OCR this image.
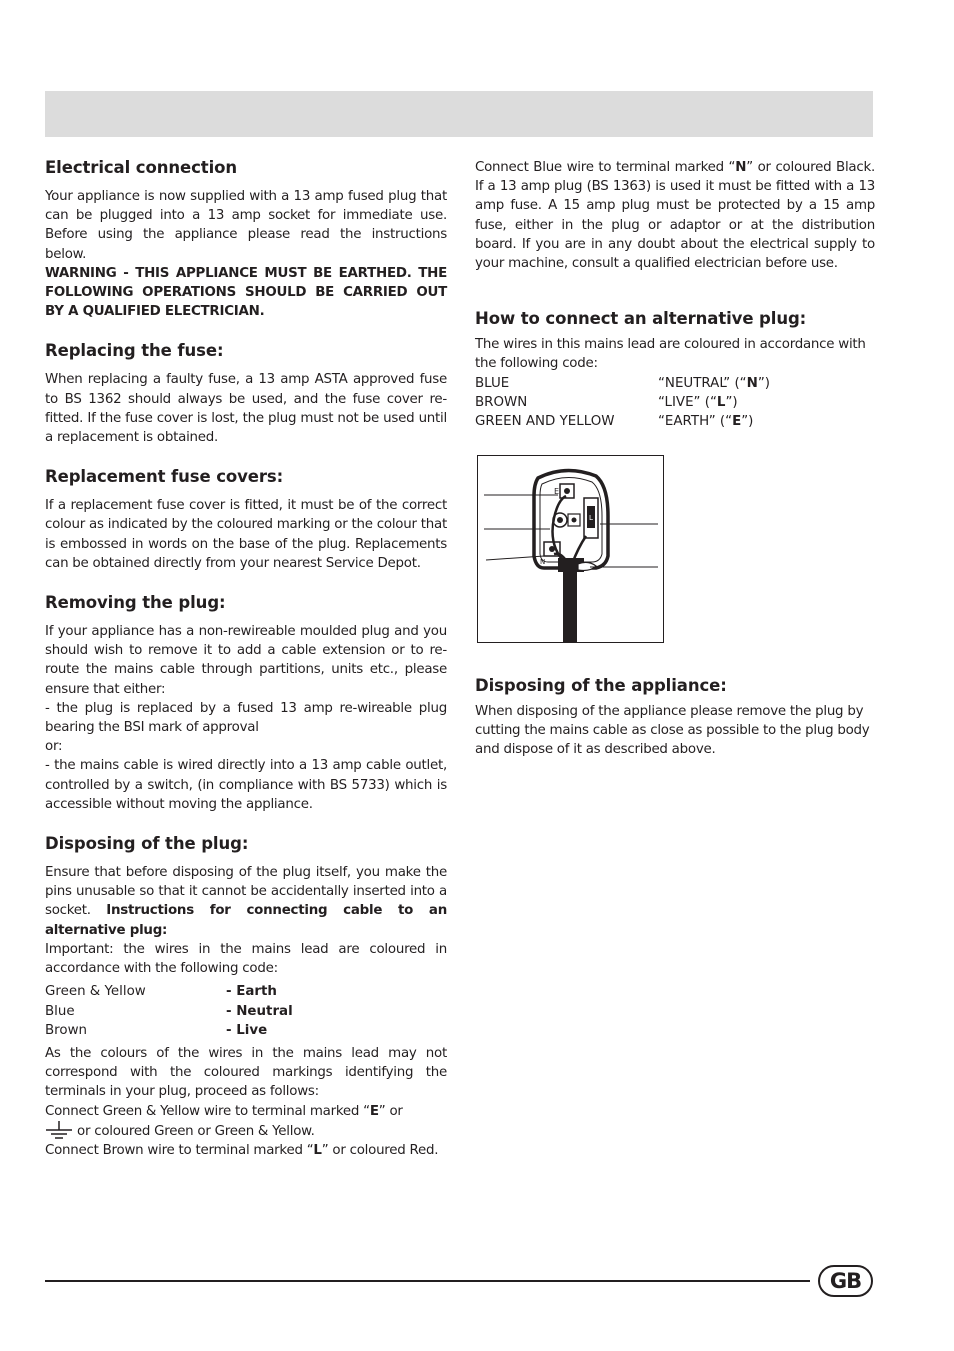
Electrical connection

Your appliance is now supplied with a 13 amp fused plug that can be plugged into a 13 amp socket for immediate use. Before using the appliance please read the instructions below.

WARNING - THIS APPLIANCE MUST BE EARTHED. THE FOLLOWING OPERATIONS SHOULD BE CARRIED OUT BY A QUALIFIED ELECTRICIAN.

Replacing the fuse:

When replacing a faulty fuse, a 13 amp ASTA approved fuse to BS 1362 should always be used, and the fuse cover re-fitted. If the fuse cover is lost, the plug must not be used until a replacement is obtained.

Replacement fuse covers:

If a replacement fuse cover is fitted, it must be of the correct colour as indicated by the coloured marking or the colour that is embossed in words on the base of the plug. Replacements can be obtained directly from your nearest Service Depot.

Removing the plug:

If your appliance has a non-rewireable moulded plug and you should wish to remove it to add a cable extension or to re-route the mains cable through partitions, units etc., please ensure that either:

- the plug is replaced by a fused 13 amp re-wireable plug bearing the BSI mark of approval

or:

- the mains cable is wired directly into a 13 amp cable outlet, controlled by a switch, (in compliance with BS 5733) which is accessible without moving the appliance.

Disposing of the plug:

Ensure that before disposing of the plug itself, you make the pins unusable so that it cannot be accidentally inserted into a socket. Instructions for connecting cable to an alternative plug:

Important: the wires in the mains lead are coloured in accordance with the following code:

Green & Yellow	- Earth
Blue	- Neutral
Brown	- Live

As the colours of the wires in the mains lead may not correspond with the coloured markings identifying the terminals in your plug, proceed as follows:

Connect Green & Yellow wire to terminal marked “E” or

or coloured Green or Green & Yellow.

Connect Brown wire to terminal marked “L” or coloured Red.

Connect Blue wire to terminal marked “N” or coloured Black. If a 13 amp plug (BS 1363) is used it must be fitted with a 13 amp fuse. A 15 amp plug must be protected by a 15 amp fuse, either in the plug or adaptor or at the distribution board. If you are in any doubt about the electrical supply to your machine, consult a qualified electrician before use.

How to connect an alternative plug:

The wires in this mains lead are coloured in accordance with the following code:

BLUE	“NEUTRAL” (“N”)
BROWN	“LIVE” (“L”)
GREEN AND YELLOW	“EARTH” (“E”)
L
E
N
Disposing of the appliance:

When disposing of the appliance please remove the plug by cutting the mains cable as close as possible to the plug body and dispose of it as described above.

GB
